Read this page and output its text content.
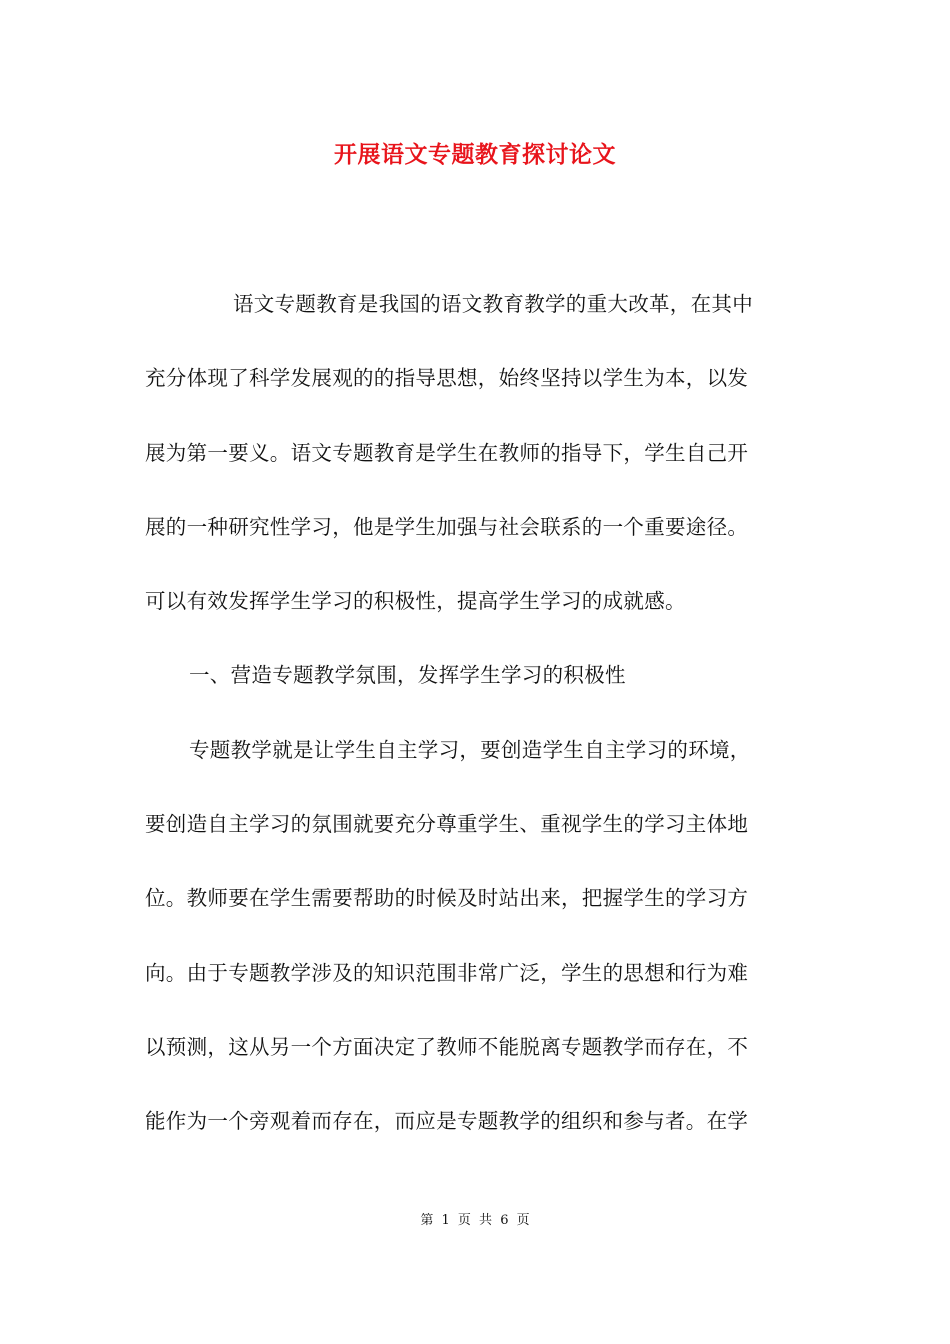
开展语文专题教育探讨论文
语文专题教育是我国的语文教育教学的重大改革，在其中
充分体现了科学发展观的的指导思想，始终坚持以学生为本，以发
展为第一要义。语文专题教育是学生在教师的指导下，学生自己开
展的一种研究性学习，他是学生加强与社会联系的一个重要途径。
可以有效发挥学生学习的积极性，提高学生学习的成就感。
一、营造专题教学氛围，发挥学生学习的积极性
专题教学就是让学生自主学习，要创造学生自主学习的环境，
要创造自主学习的氛围就要充分尊重学生、重视学生的学习主体地
位。教师要在学生需要帮助的时候及时站出来，把握学生的学习方
向。由于专题教学涉及的知识范围非常广泛，学生的思想和行为难
以预测，这从另一个方面决定了教师不能脱离专题教学而存在，不
能作为一个旁观着而存在，而应是专题教学的组织和参与者。在学
第 1 页 共 6 页
